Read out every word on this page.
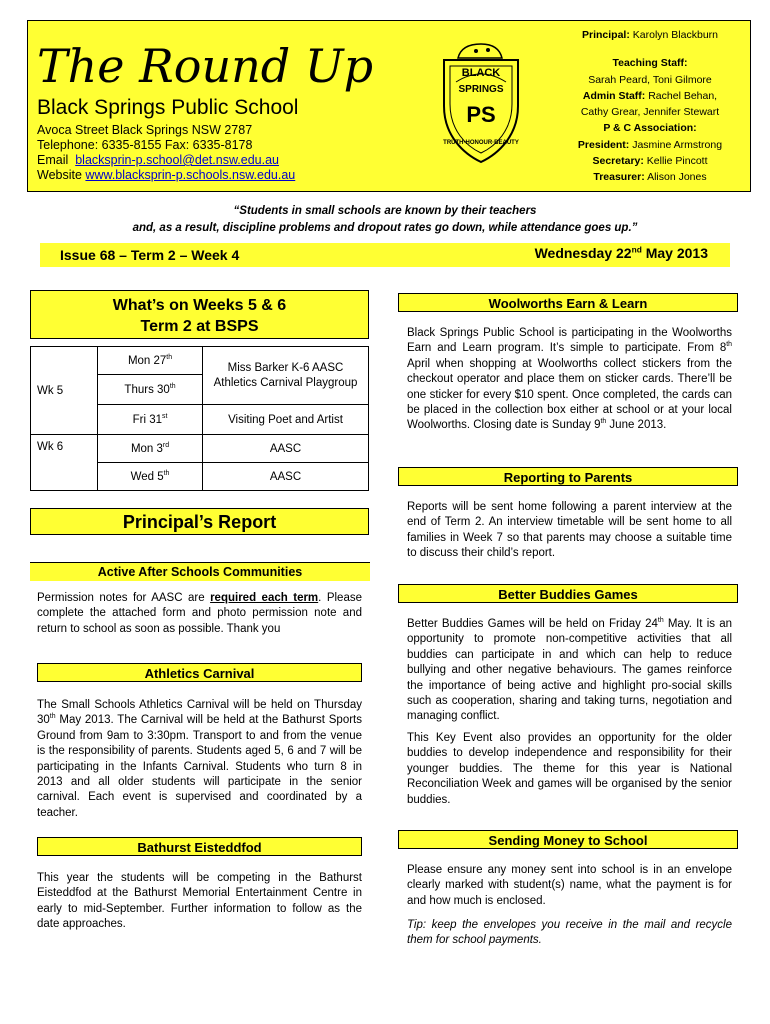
The Round Up
Black Springs Public School
Avoca Street Black Springs NSW 2787
Telephone: 6335-8155 Fax: 6335-8178
Email blacksprin-p.school@det.nsw.edu.au
Website www.blacksprin-p.schools.nsw.edu.au
BLACK
SPRINGS
PS
TRUTH·HONOUR·BEAUTY
Principal: Karolyn Blackburn
Teaching Staff:
Sarah Peard, Toni Gilmore
Admin Staff: Rachel Behan,
Cathy Grear, Jennifer Stewart
P & C Association:
President: Jasmine Armstrong
Secretary: Kellie Pincott
Treasurer: Alison Jones
“Students in small schools are known by their teachers
and, as a result, discipline problems and dropout rates go down, while attendance goes up.”
Issue 68 – Term 2 – Week 4	Wednesday 22nd May 2013
What’s on Weeks 5 & 6
Term 2 at BSPS
Wk 5	Mon 27th	Miss Barker K-6 AASC Athletics Carnival Playgroup
	Thurs 30th
	Fri 31st	Visiting Poet and Artist
Wk 6	Mon 3rd	AASC
	Wed 5th	AASC
Principal’s Report
Active After Schools Communities
Permission notes for AASC are required each term. Please complete the attached form and photo permission note and return to school as soon as possible. Thank you
Athletics Carnival
The Small Schools Athletics Carnival will be held on Thursday 30th May 2013. The Carnival will be held at the Bathurst Sports Ground from 9am to 3:30pm. Transport to and from the venue is the responsibility of parents. Students aged 5, 6 and 7 will be participating in the Infants Carnival. Students who turn 8 in 2013 and all older students will participate in the senior carnival. Each event is supervised and coordinated by a teacher.
Bathurst Eisteddfod
This year the students will be competing in the Bathurst Eisteddfod at the Bathurst Memorial Entertainment Centre in early to mid-September. Further information to follow as the date approaches.
Woolworths Earn & Learn
Black Springs Public School is participating in the Woolworths Earn and Learn program. It’s simple to participate. From 8th April when shopping at Woolworths collect stickers from the checkout operator and place them on sticker cards. There’ll be one sticker for every $10 spent. Once completed, the cards can be placed in the collection box either at school or at your local Woolworths. Closing date is Sunday 9th June 2013.
Reporting to Parents
Reports will be sent home following a parent interview at the end of Term 2. An interview timetable will be sent home to all families in Week 7 so that parents may choose a suitable time to discuss their child’s report.
Better Buddies Games
Better Buddies Games will be held on Friday 24th May. It is an opportunity to promote non-competitive activities that all buddies can participate in and which can help to reduce bullying and other negative behaviours. The games reinforce the importance of being active and highlight pro-social skills such as cooperation, sharing and taking turns, negotiation and managing conflict.
This Key Event also provides an opportunity for the older buddies to develop independence and responsibility for their younger buddies. The theme for this year is National Reconciliation Week and games will be organised by the senior buddies.
Sending Money to School
Please ensure any money sent into school is in an envelope clearly marked with student(s) name, what the payment is for and how much is enclosed.
Tip: keep the envelopes you receive in the mail and recycle them for school payments.
